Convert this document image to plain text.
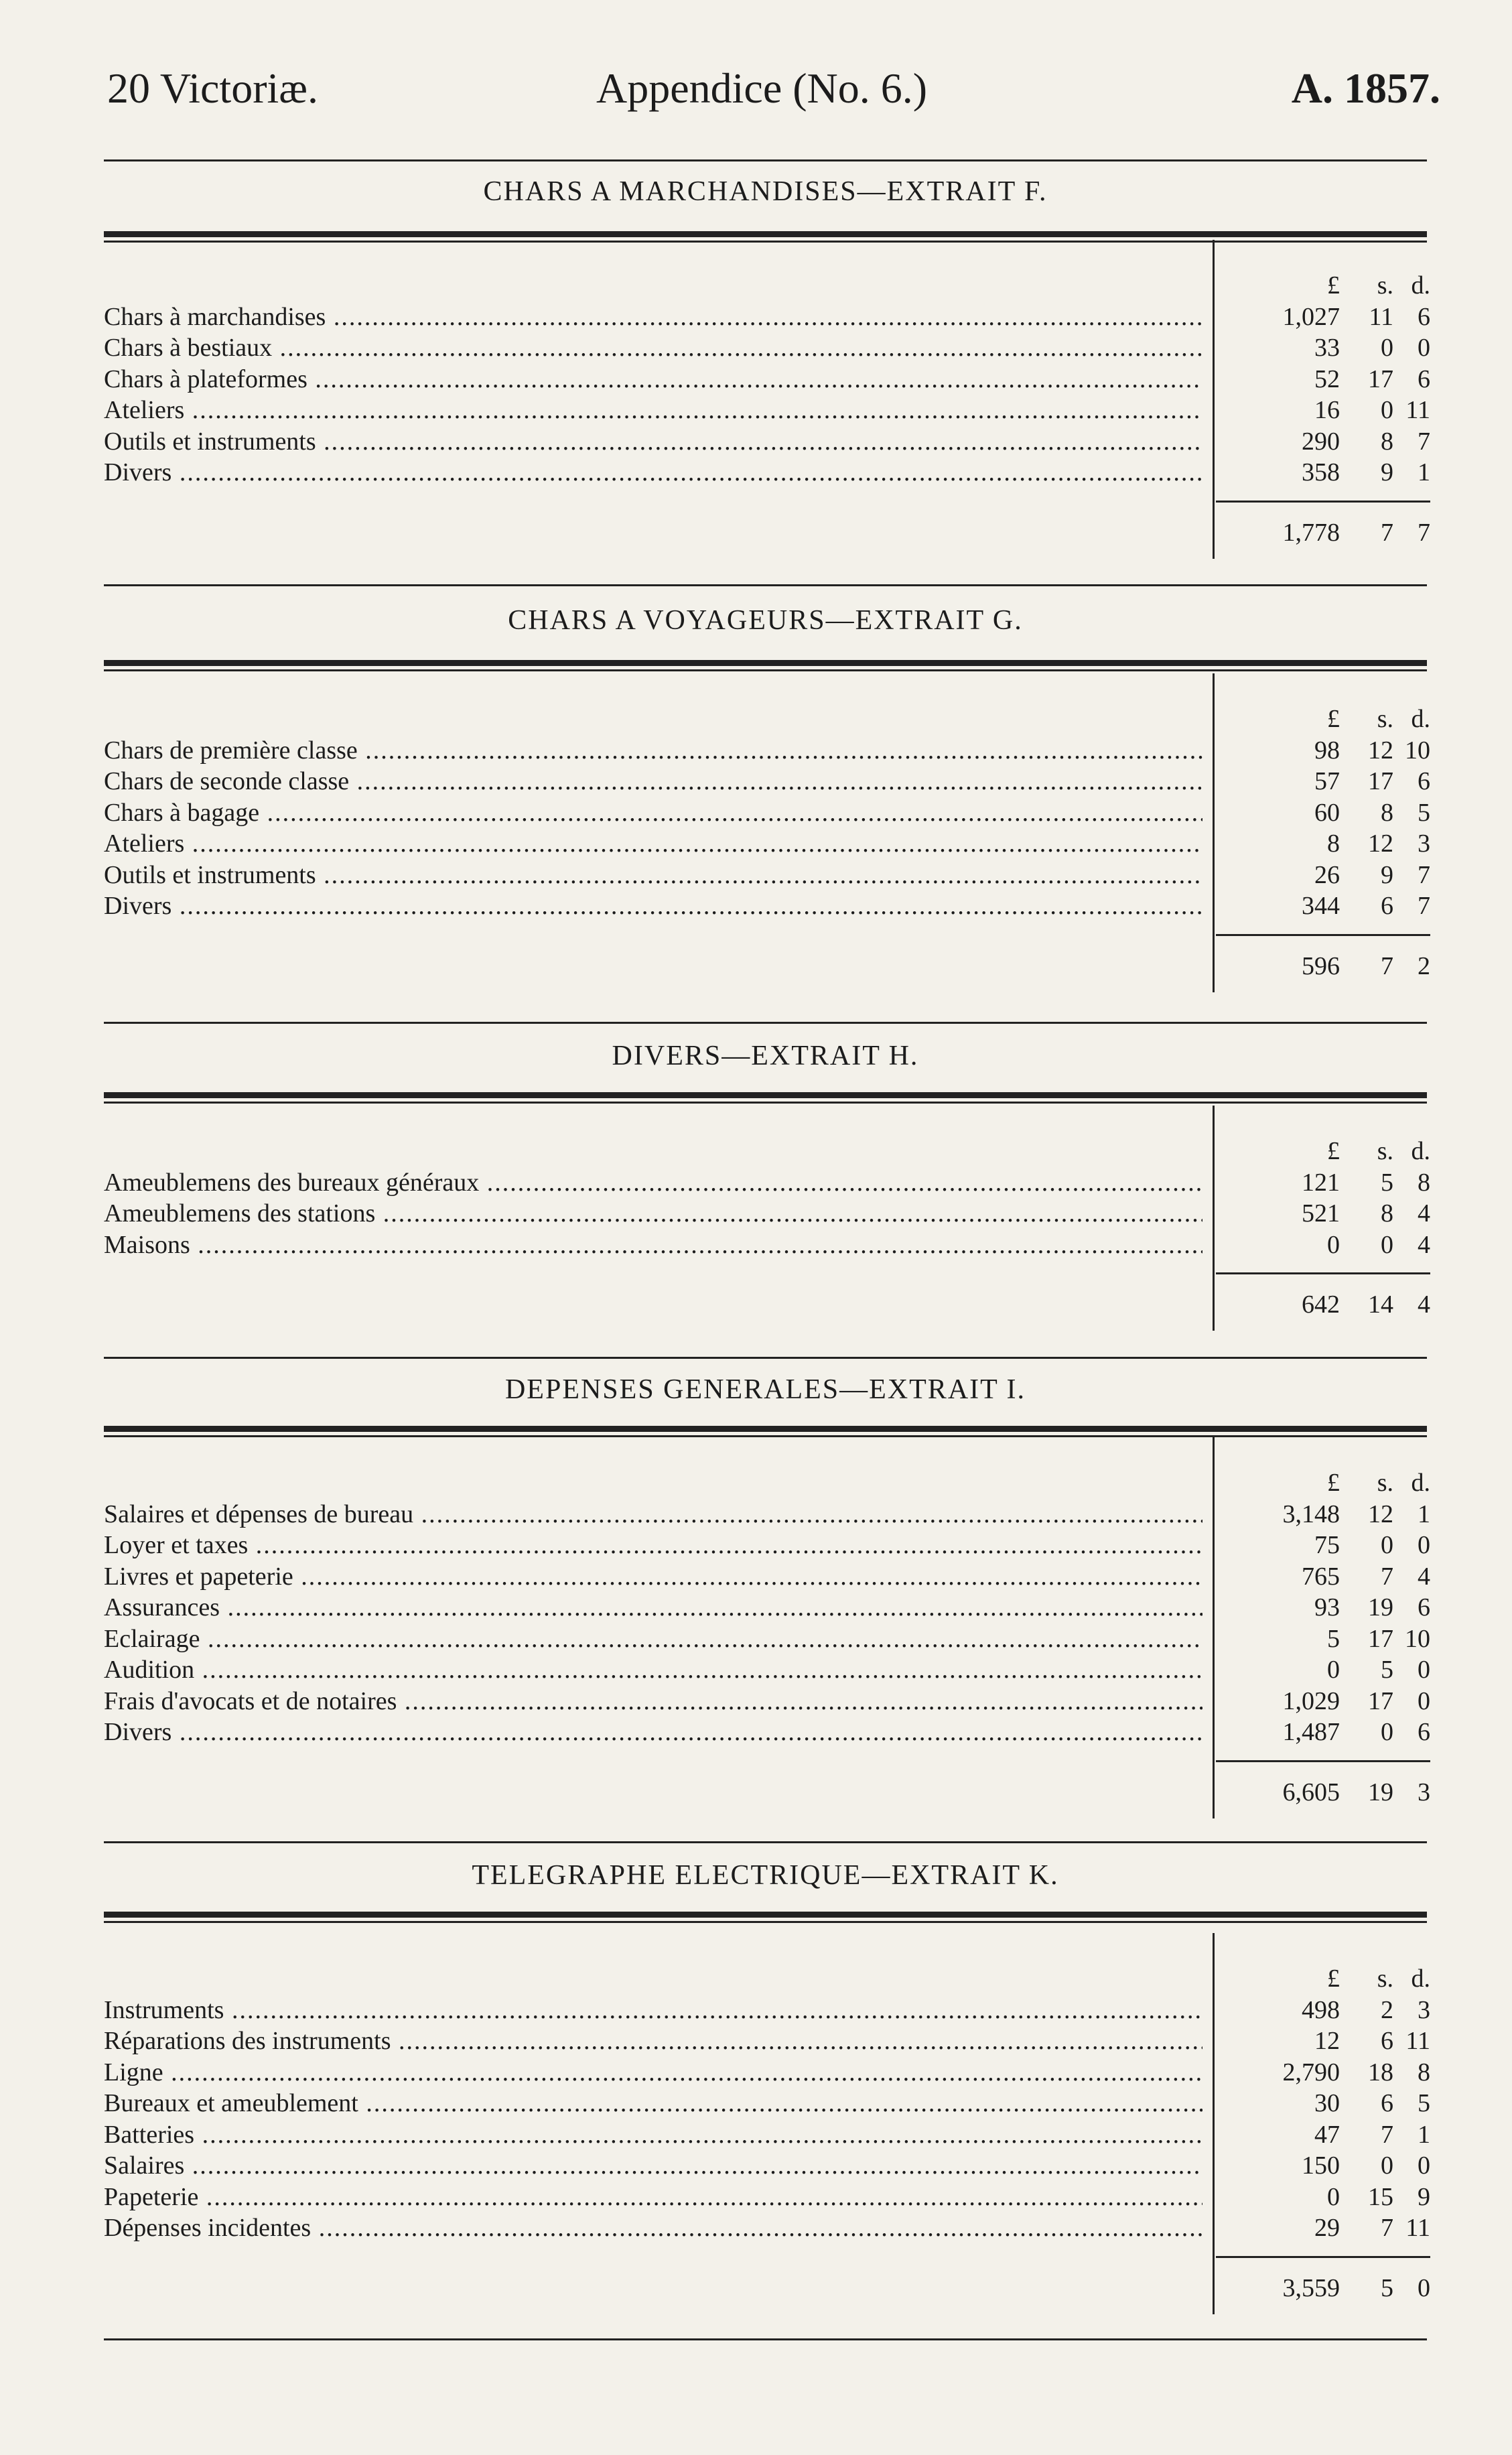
20 Victoriæ.	Appendice (No. 6.)	A. 1857.
CHARS A MARCHANDISES—EXTRAIT F.
£	s. d.
Chars à marchandises .....	1,027	11 6
Chars à bestiaux .....	33	0 0
Chars à plateformes .....	52	17 6
Ateliers .....	16	0 11
Outils et instruments .....	290	8 7
Divers .....	358	9 1
1,778	7 7
CHARS A VOYAGEURS—EXTRAIT G.
£	s. d.
Chars de première classe .....	98	12 10
Chars de seconde classe .....	57	17 6
Chars à bagage .....	60	8 5
Ateliers .....	8	12 3
Outils et instruments .....	26	9 7
Divers .....	344	6 7
596	7 2
DIVERS—EXTRAIT H.
£	s. d.
Ameublemens des bureaux généraux .....	121	5 8
Ameublemens des stations .....	521	8 4
Maisons .....	0	0 4
642	14 4
DEPENSES GENERALES—EXTRAIT I.
£	s. d.
Salaires et dépenses de bureau .....	3,148	12 1
Loyer et taxes .....	75	0 0
Livres et papeterie .....	765	7 4
Assurances .....	93	19 6
Eclairage .....	5	17 10
Audition .....	0	5 0
Frais d'avocats et de notaires .....	1,029	17 0
Divers .....	1,487	0 6
6,605	19 3
TELEGRAPHE ELECTRIQUE—EXTRAIT K.
£	s. d.
Instruments .....	498	2 3
Réparations des instruments .....	12	6 11
Ligne .....	2,790	18 8
Bureaux et ameublement .....	30	6 5
Batteries .....	47	7 1
Salaires .....	150	0 0
Papeterie .....	0	15 9
Dépenses incidentes .....	29	7 11
3,559	5 0
